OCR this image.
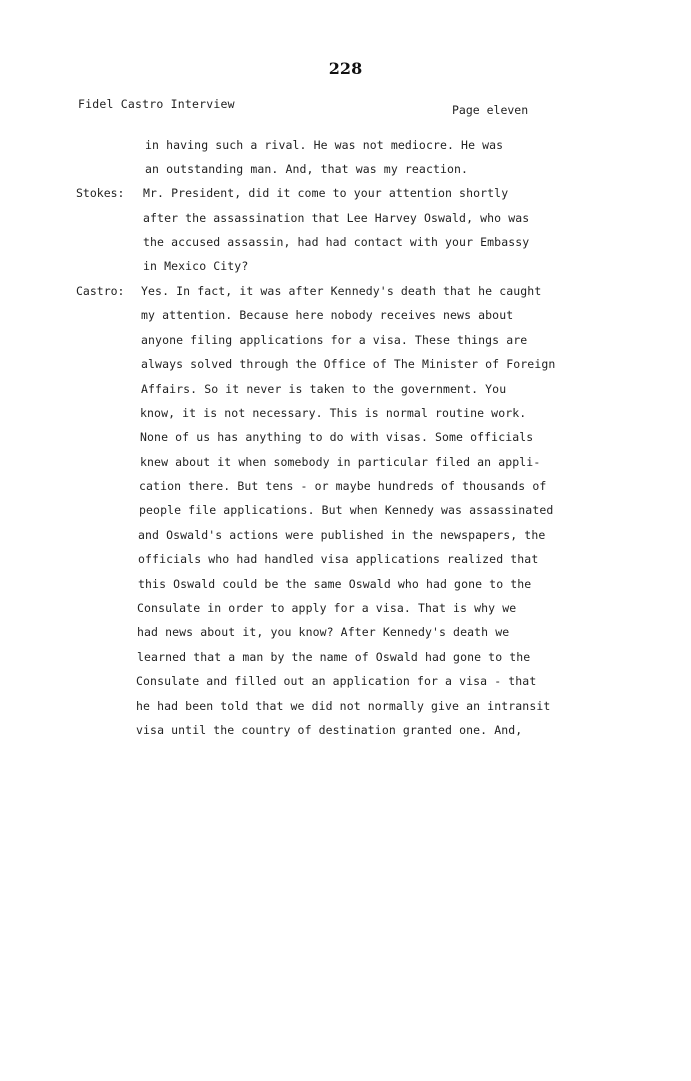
228
Fidel Castro Interview	Page eleven
in having such a rival. He was not mediocre. He was
an outstanding man. And, that was my reaction.
Stokes: Mr. President, did it come to your attention shortly
after the assassination that Lee Harvey Oswald, who was
the accused assassin, had had contact with your Embassy
in Mexico City?
Castro: Yes. In fact, it was after Kennedy's death that he caught
my attention. Because here nobody receives news about
anyone filing applications for a visa. These things are
always solved through the Office of The Minister of Foreign
Affairs. So it never is taken to the government. You
know, it is not necessary. This is normal routine work.
None of us has anything to do with visas. Some officials
knew about it when somebody in particular filed an appli-
cation there. But tens - or maybe hundreds of thousands of
people file applications. But when Kennedy was assassinated
and Oswald's actions were published in the newspapers, the
officials who had handled visa applications realized that
this Oswald could be the same Oswald who had gone to the
Consulate in order to apply for a visa. That is why we
had news about it, you know? After Kennedy's death we
learned that a man by the name of Oswald had gone to the
Consulate and filled out an application for a visa - that
he had been told that we did not normally give an intransit
visa until the country of destination granted one. And,
